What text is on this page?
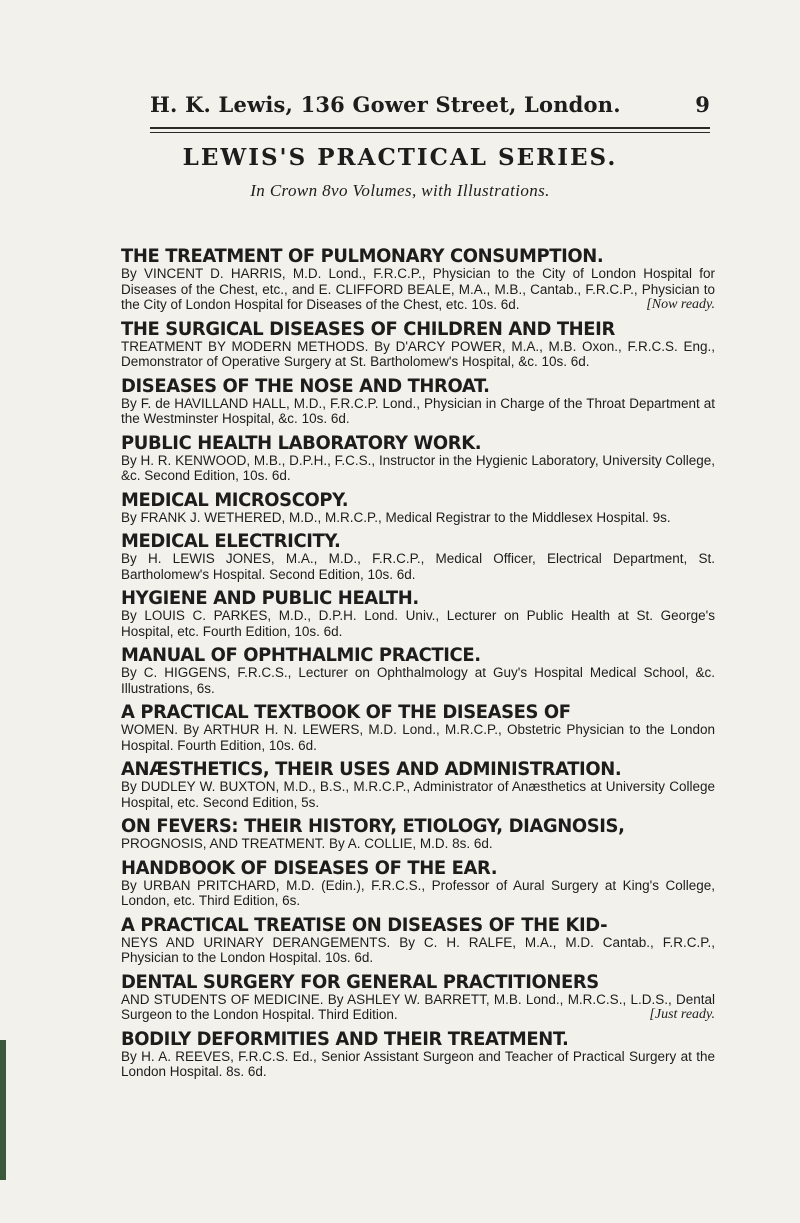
H. K. Lewis, 136 Gower Street, London.	9
LEWIS'S PRACTICAL SERIES.
In Crown 8vo Volumes, with Illustrations.
THE TREATMENT OF PULMONARY CONSUMPTION.
By VINCENT D. HARRIS, M.D. Lond., F.R.C.P., Physician to the City of London Hospital for Diseases of the Chest, etc., and E. CLIFFORD BEALE, M.A., M.B., Cantab., F.R.C.P., Physician to the City of London Hospital for Diseases of the Chest, etc. 10s. 6d.	[Now ready.
THE SURGICAL DISEASES OF CHILDREN AND THEIR
TREATMENT BY MODERN METHODS. By D'ARCY POWER, M.A., M.B. Oxon., F.R.C.S. Eng., Demonstrator of Operative Surgery at St. Bartholomew's Hospital, &c. 10s. 6d.
DISEASES OF THE NOSE AND THROAT.
By F. de HAVILLAND HALL, M.D., F.R.C.P. Lond., Physician in Charge of the Throat Department at the Westminster Hospital, &c. 10s. 6d.
PUBLIC HEALTH LABORATORY WORK.
By H. R. KENWOOD, M.B., D.P.H., F.C.S., Instructor in the Hygienic Laboratory, University College, &c. Second Edition, 10s. 6d.
MEDICAL MICROSCOPY.
By FRANK J. WETHERED, M.D., M.R.C.P., Medical Registrar to the Middlesex Hospital. 9s.
MEDICAL ELECTRICITY.
By H. LEWIS JONES, M.A., M.D., F.R.C.P., Medical Officer, Electrical Department, St. Bartholomew's Hospital. Second Edition, 10s. 6d.
HYGIENE AND PUBLIC HEALTH.
By LOUIS C. PARKES, M.D., D.P.H. Lond. Univ., Lecturer on Public Health at St. George's Hospital, etc. Fourth Edition, 10s. 6d.
MANUAL OF OPHTHALMIC PRACTICE.
By C. HIGGENS, F.R.C.S., Lecturer on Ophthalmology at Guy's Hospital Medical School, &c. Illustrations, 6s.
A PRACTICAL TEXTBOOK OF THE DISEASES OF
WOMEN. By ARTHUR H. N. LEWERS, M.D. Lond., M.R.C.P., Obstetric Physician to the London Hospital. Fourth Edition, 10s. 6d.
ANÆSTHETICS, THEIR USES AND ADMINISTRATION.
By DUDLEY W. BUXTON, M.D., B.S., M.R.C.P., Administrator of Anæsthetics at University College Hospital, etc. Second Edition, 5s.
ON FEVERS: THEIR HISTORY, ETIOLOGY, DIAGNOSIS,
PROGNOSIS, AND TREATMENT. By A. COLLIE, M.D. 8s. 6d.
HANDBOOK OF DISEASES OF THE EAR.
By URBAN PRITCHARD, M.D. (Edin.), F.R.C.S., Professor of Aural Surgery at King's College, London, etc. Third Edition, 6s.
A PRACTICAL TREATISE ON DISEASES OF THE KID-
NEYS AND URINARY DERANGEMENTS. By C. H. RALFE, M.A., M.D. Cantab., F.R.C.P., Physician to the London Hospital. 10s. 6d.
DENTAL SURGERY FOR GENERAL PRACTITIONERS
AND STUDENTS OF MEDICINE. By ASHLEY W. BARRETT, M.B. Lond., M.R.C.S., L.D.S., Dental Surgeon to the London Hospital. Third Edition.	[Just ready.
BODILY DEFORMITIES AND THEIR TREATMENT.
By H. A. REEVES, F.R.C.S. Ed., Senior Assistant Surgeon and Teacher of Practical Surgery at the London Hospital. 8s. 6d.
